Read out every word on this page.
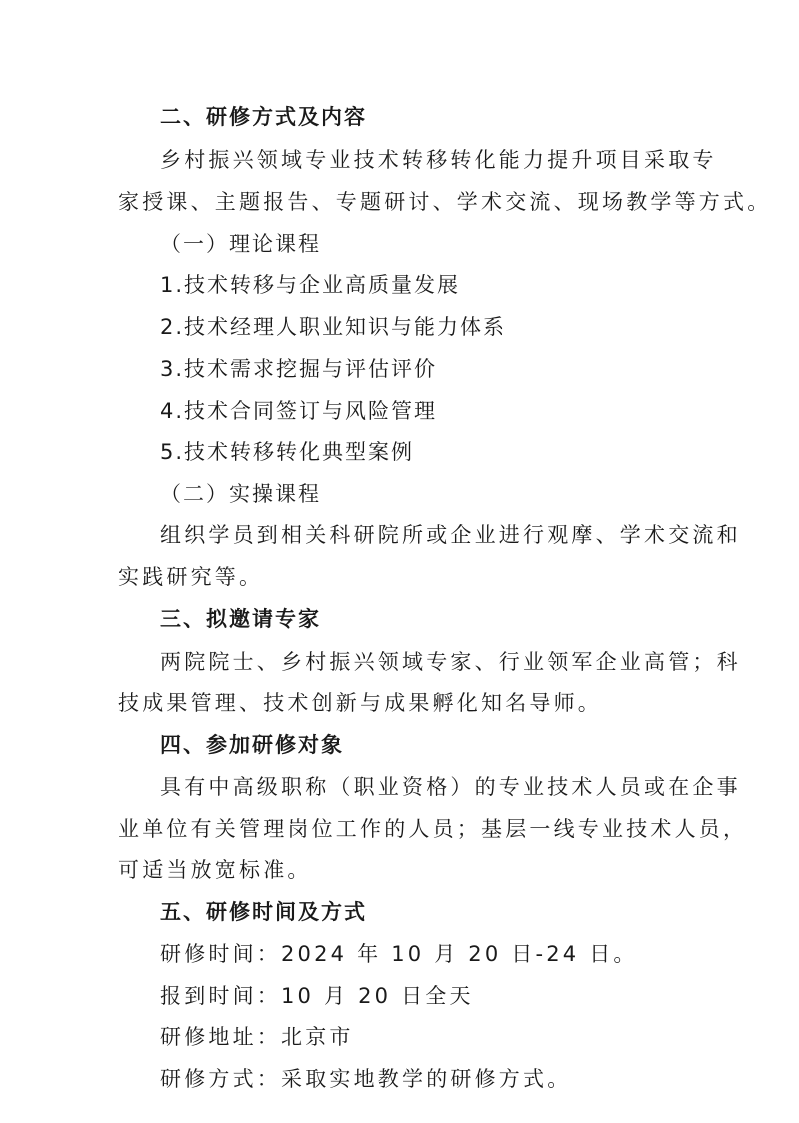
二、研修方式及内容
乡村振兴领域专业技术转移转化能力提升项目采取专
家授课、主题报告、专题研讨、学术交流、现场教学等方式。
（一）理论课程
1.技术转移与企业高质量发展
2.技术经理人职业知识与能力体系
3.技术需求挖掘与评估评价
4.技术合同签订与风险管理
5.技术转移转化典型案例
（二）实操课程
组织学员到相关科研院所或企业进行观摩、学术交流和
实践研究等。
三、拟邀请专家
两院院士、乡村振兴领域专家、行业领军企业高管；科
技成果管理、技术创新与成果孵化知名导师。
四、参加研修对象
具有中高级职称（职业资格）的专业技术人员或在企事
业单位有关管理岗位工作的人员；基层一线专业技术人员，
可适当放宽标准。
五、研修时间及方式
研修时间：2024 年 10 月 20 日-24 日。
报到时间：10 月 20 日全天
研修地址：北京市
研修方式：采取实地教学的研修方式。
